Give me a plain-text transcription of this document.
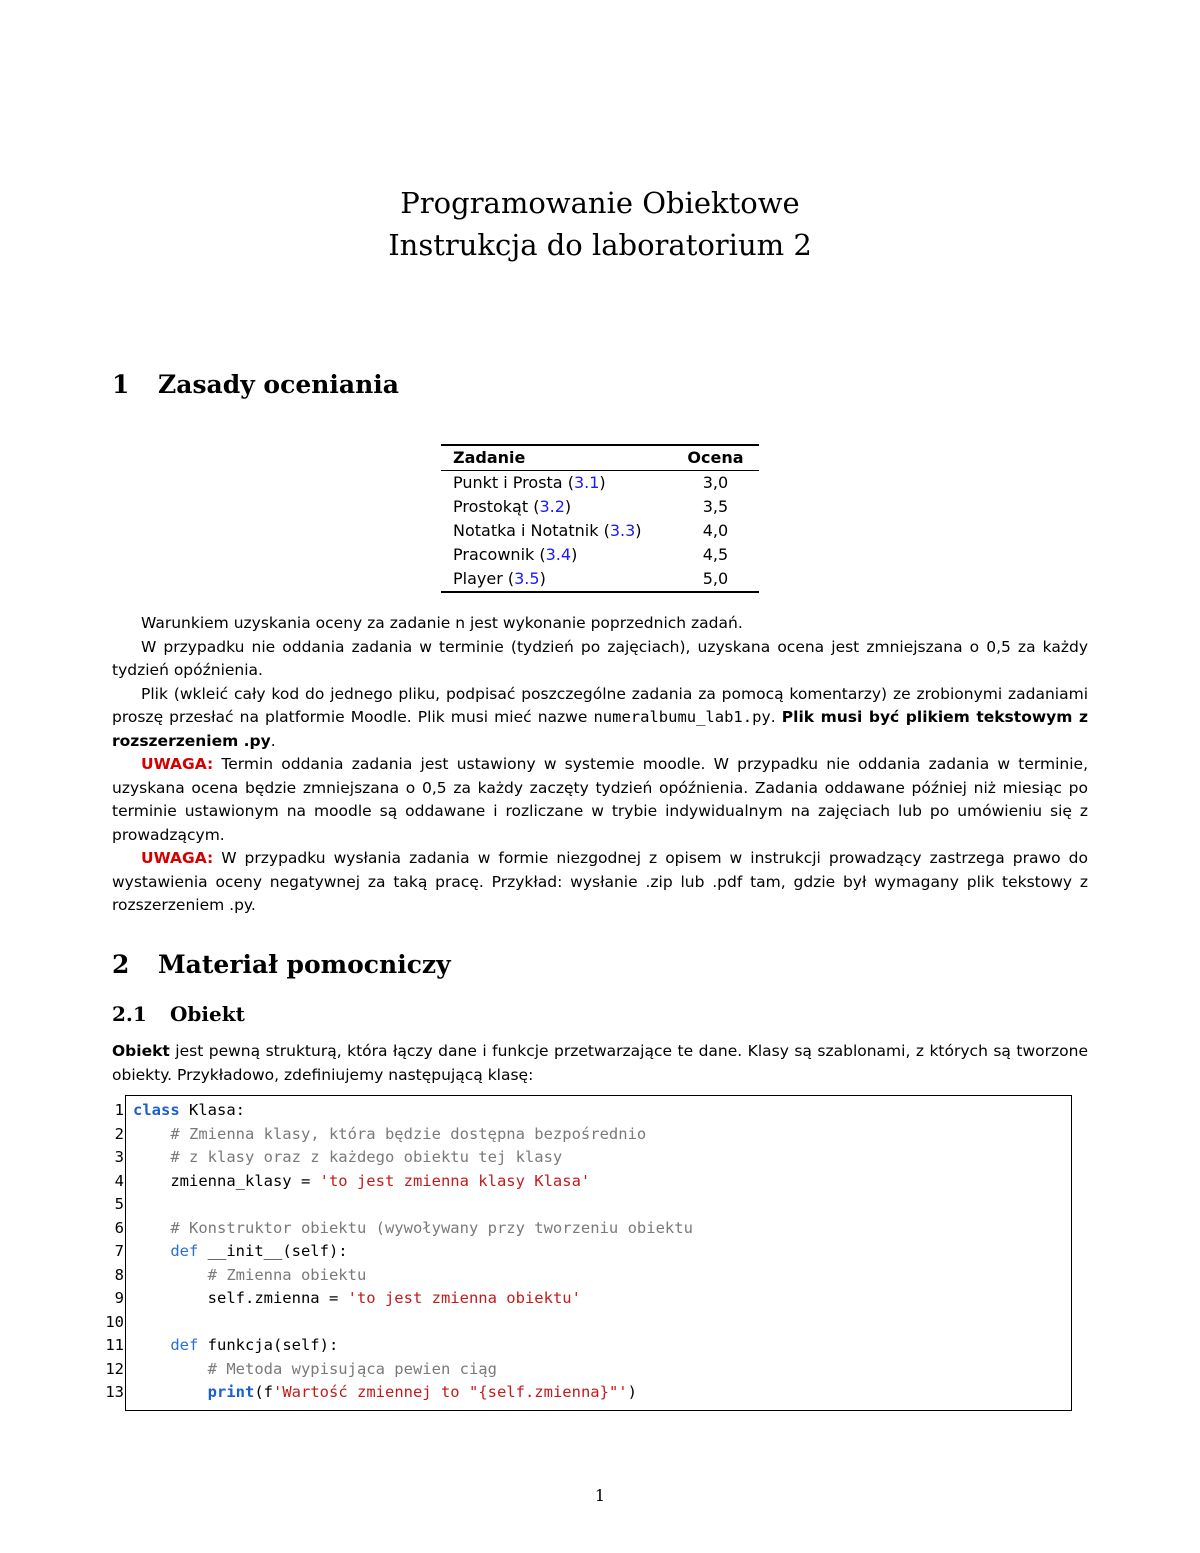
Programowanie Obiektowe
Instrukcja do laboratorium 2
1 Zasady oceniania
Zadanie	Ocena
Punkt i Prosta (3.1)	3,0
Prostokąt (3.2)	3,5
Notatka i Notatnik (3.3)	4,0
Pracownik (3.4)	4,5
Player (3.5)	5,0

Warunkiem uzyskania oceny za zadanie n jest wykonanie poprzednich zadań.

W przypadku nie oddania zadania w terminie (tydzień po zajęciach), uzyskana ocena jest zmniejszana o 0,5 za każdy tydzień opóźnienia.

Plik (wkleić cały kod do jednego pliku, podpisać poszczególne zadania za pomocą komentarzy) ze zrobionymi zadaniami proszę przesłać na platformie Moodle. Plik musi mieć nazwe numeralbumu_lab1.py. Plik musi być plikiem tekstowym z rozszerzeniem .py.

UWAGA: Termin oddania zadania jest ustawiony w systemie moodle. W przypadku nie oddania zadania w terminie, uzyskana ocena będzie zmniejszana o 0,5 za każdy zaczęty tydzień opóźnienia. Zadania oddawane później niż miesiąc po terminie ustawionym na moodle są oddawane i rozliczane w trybie indywidualnym na zajęciach lub po umówieniu się z prowadzącym.

UWAGA: W przypadku wysłania zadania w formie niezgodnej z opisem w instrukcji prowadzący zastrzega prawo do wystawienia oceny negatywnej za taką pracę. Przykład: wysłanie .zip lub .pdf tam, gdzie był wymagany plik tekstowy z rozszerzeniem .py.

2 Materiał pomocniczy
2.1 Obiekt

Obiekt jest pewną strukturą, która łączy dane i funkcje przetwarzające te dane. Klasy są szablonami, z których są tworzone obiekty. Przykładowo, zdefiniujemy następującą klasę:

1
2
3
4
5
6
7
8
9
10
11
12
13
class Klasa:
# Zmienna klasy, która będzie dostępna bezpośrednio
# z klasy oraz z każdego obiektu tej klasy
zmienna_klasy = 'to jest zmienna klasy Klasa'
# Konstruktor obiektu (wywoływany przy tworzeniu obiektu
def __init__(self):
# Zmienna obiektu
self.zmienna = 'to jest zmienna obiektu'
def funkcja(self):
# Metoda wypisująca pewien ciąg
print(f'Wartość zmiennej to "{self.zmienna}"')
1
